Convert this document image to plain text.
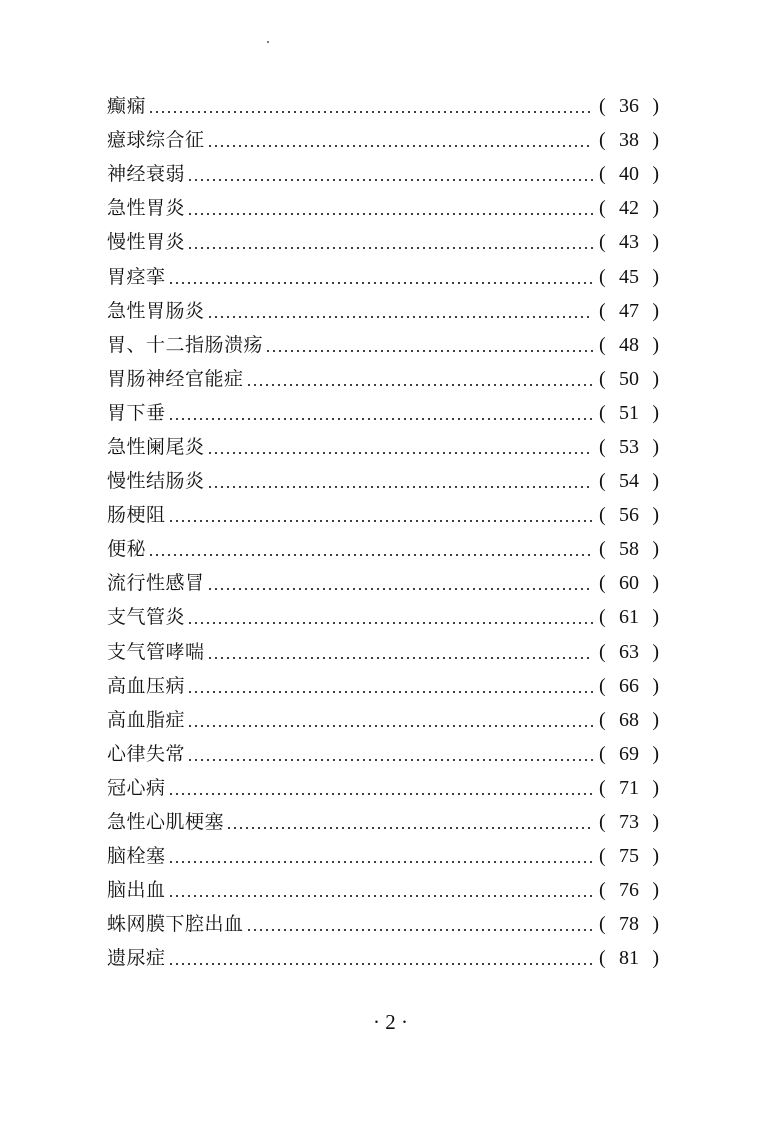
癫痫	( 36 )
癔球综合征	( 38 )
神经衰弱	( 40 )
急性胃炎	( 42 )
慢性胃炎	( 43 )
胃痉挛	( 45 )
急性胃肠炎	( 47 )
胃、十二指肠溃疡	( 48 )
胃肠神经官能症	( 50 )
胃下垂	( 51 )
急性阑尾炎	( 53 )
慢性结肠炎	( 54 )
肠梗阻	( 56 )
便秘	( 58 )
流行性感冒	( 60 )
支气管炎	( 61 )
支气管哮喘	( 63 )
高血压病	( 66 )
高血脂症	( 68 )
心律失常	( 69 )
冠心病	( 71 )
急性心肌梗塞	( 73 )
脑栓塞	( 75 )
脑出血	( 76 )
蛛网膜下腔出血	( 78 )
遗尿症	( 81 )
· 2 ·
